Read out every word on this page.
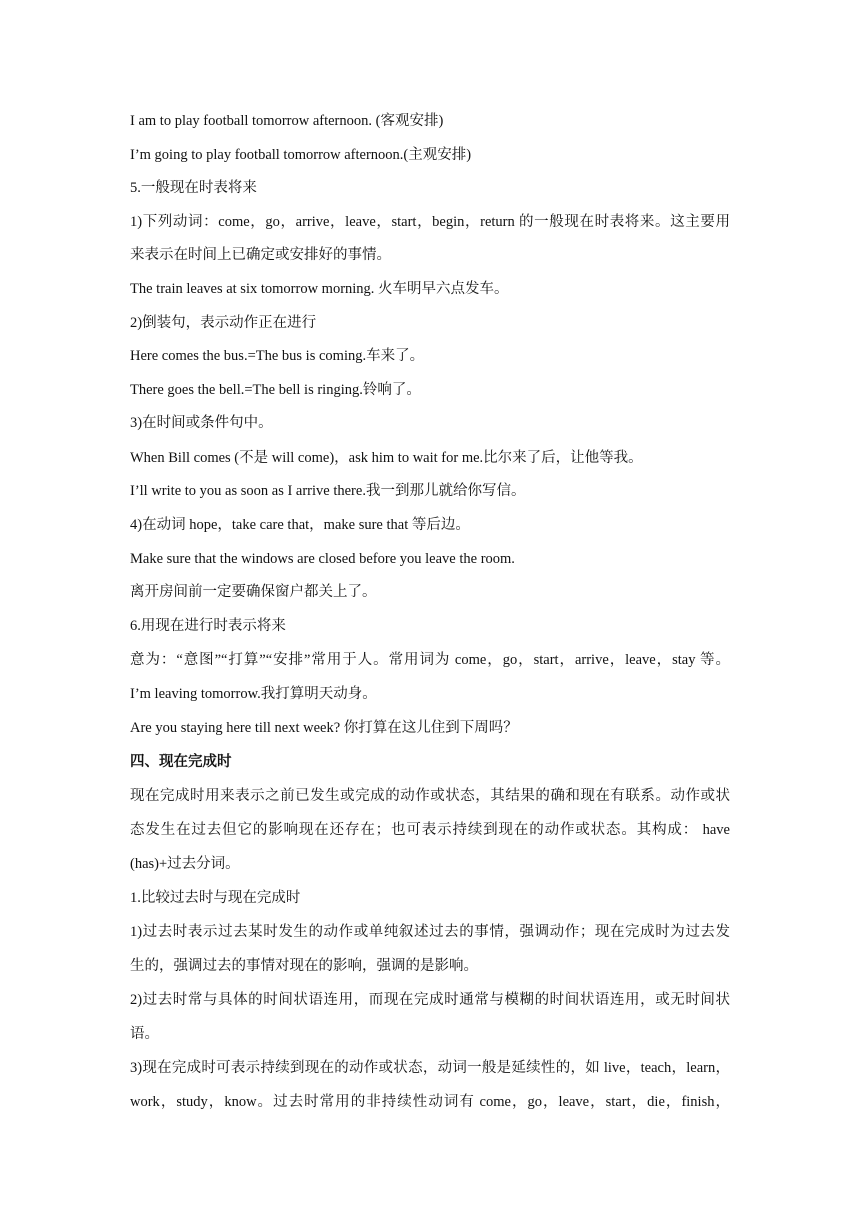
I am to play football tomorrow afternoon. (客观安排)
I’m going to play football tomorrow afternoon.(主观安排)
5.一般现在时表将来
1)下列动词：come，go，arrive，leave，start，begin，return 的一般现在时表将来。这主要用
来表示在时间上已确定或安排好的事情。
The train leaves at six tomorrow morning. 火车明早六点发车。
2)倒装句，表示动作正在进行
Here comes the bus.=The bus is coming.车来了。
There goes the bell.=The bell is ringing.铃响了。
3)在时间或条件句中。
When Bill comes (不是 will come)，ask him to wait for me.比尔来了后，让他等我。
I’ll write to you as soon as I arrive there.我一到那儿就给你写信。
4)在动词 hope，take care that，make sure that 等后边。
Make sure that the windows are closed before you leave the room.
离开房间前一定要确保窗户都关上了。
6.用现在进行时表示将来
意为：“意图”“打算”“安排”常用于人。常用词为 come，go，start，arrive，leave，stay 等。
I’m leaving tomorrow.我打算明天动身。
Are you staying here till next week? 你打算在这儿住到下周吗？
四、现在完成时
现在完成时用来表示之前已发生或完成的动作或状态，其结果的确和现在有联系。动作或状
态发生在过去但它的影响现在还存在；也可表示持续到现在的动作或状态。其构成： have
(has)+过去分词。
1.比较过去时与现在完成时
1)过去时表示过去某时发生的动作或单纯叙述过去的事情，强调动作；现在完成时为过去发
生的，强调过去的事情对现在的影响，强调的是影响。
2)过去时常与具体的时间状语连用，而现在完成时通常与模糊的时间状语连用，或无时间状
语。
3)现在完成时可表示持续到现在的动作或状态，动词一般是延续性的，如 live，teach，learn，
work，study，know。过去时常用的非持续性动词有 come，go，leave，start，die，finish，
